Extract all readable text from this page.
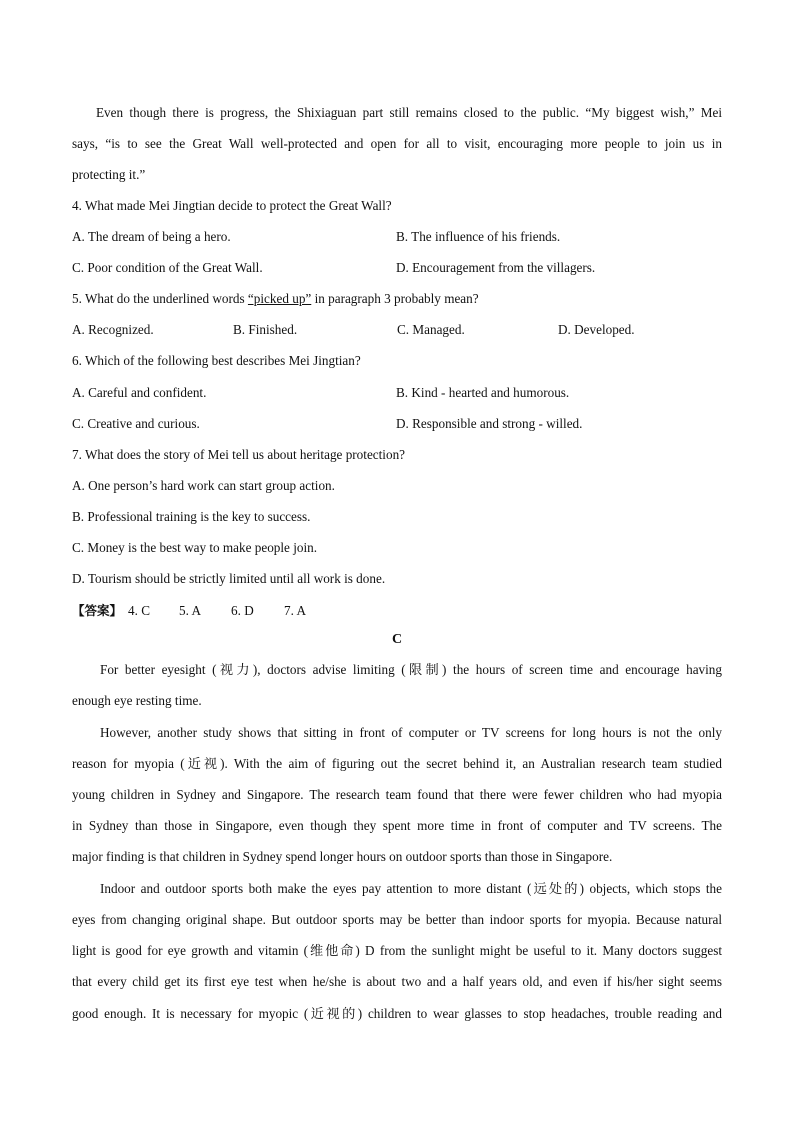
Even though there is progress, the Shixiaguan part still remains closed to the public. “My biggest wish,” Mei
says, “is to see the Great Wall well-protected and open for all to visit, encouraging more people to join us in
protecting it.”
4. What made Mei Jingtian decide to protect the Great Wall?
A. The dream of being a hero.	B. The influence of his friends.
C. Poor condition of the Great Wall.	D. Encouragement from the villagers.
5. What do the underlined words “picked up” in paragraph 3 probably mean?
A. Recognized.	B. Finished.	C. Managed.	D. Developed.
6. Which of the following best describes Mei Jingtian?
A. Careful and confident.	B. Kind - hearted and humorous.
C. Creative and curious.	D. Responsible and strong - willed.
7. What does the story of Mei tell us about heritage protection?
A. One person’s hard work can start group action.
B. Professional training is the key to success.
C. Money is the best way to make people join.
D. Tourism should be strictly limited until all work is done.
【答案】 4. C 5. A 6. D 7. A
C
For better eyesight (视力), doctors advise limiting (限制) the hours of screen time and encourage having
enough eye resting time.
However, another study shows that sitting in front of computer or TV screens for long hours is not the only
reason for myopia (近视). With the aim of figuring out the secret behind it, an Australian research team studied
young children in Sydney and Singapore. The research team found that there were fewer children who had myopia
in Sydney than those in Singapore, even though they spent more time in front of computer and TV screens. The
major finding is that children in Sydney spend longer hours on outdoor sports than those in Singapore.
Indoor and outdoor sports both make the eyes pay attention to more distant (远处的) objects, which stops the
eyes from changing original shape. But outdoor sports may be better than indoor sports for myopia. Because natural
light is good for eye growth and vitamin (维他命) D from the sunlight might be useful to it. Many doctors suggest
that every child get its first eye test when he/she is about two and a half years old, and even if his/her sight seems
good enough. It is necessary for myopic (近视的) children to wear glasses to stop headaches, trouble reading and
